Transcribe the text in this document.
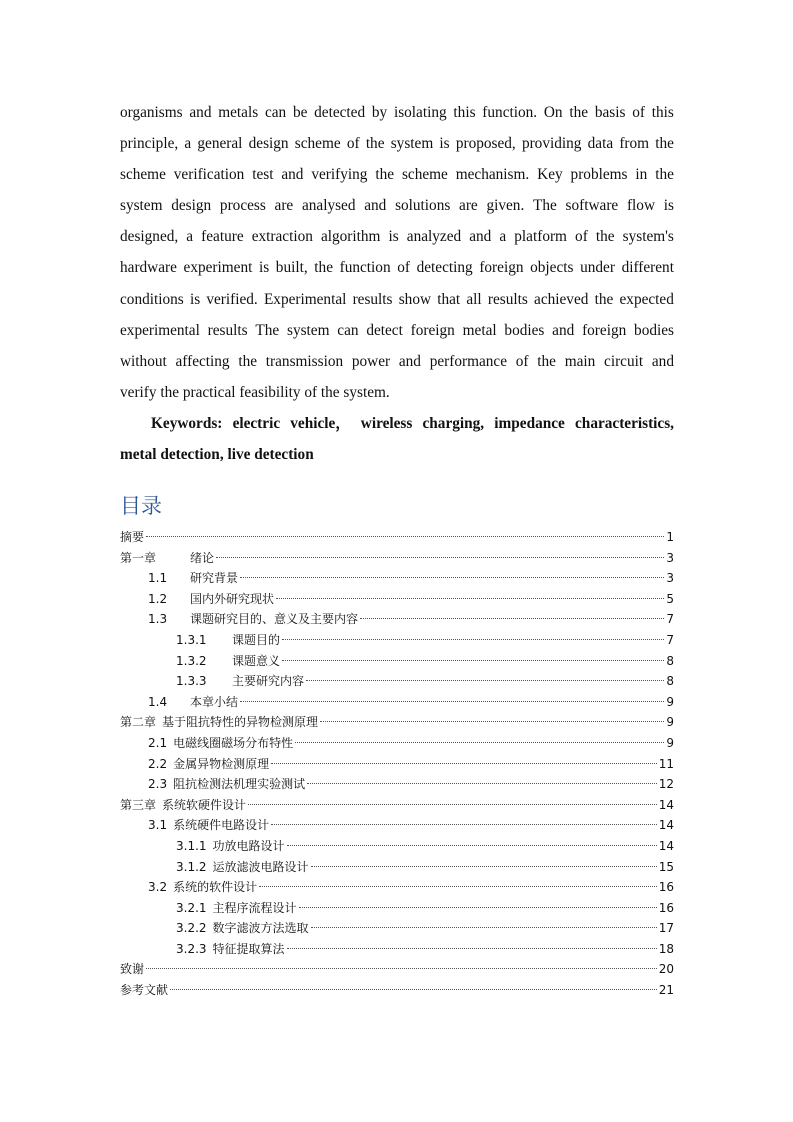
organisms and metals can be detected by isolating this function. On the basis of this
principle, a general design scheme of the system is proposed, providing data from the
scheme verification test and verifying the scheme mechanism. Key problems in the
system design process are analysed and solutions are given. The software flow is
designed, a feature extraction algorithm is analyzed and a platform of the system's
hardware experiment is built, the function of detecting foreign objects under different
conditions is verified. Experimental results show that all results achieved the expected
experimental results The system can detect foreign metal bodies and foreign bodies
without affecting the transmission power and performance of the main circuit and
verify the practical feasibility of the system.
Keywords: electric vehicle， wireless charging, impedance characteristics,
metal detection, live detection
目录
摘要	1
第一章	绪论	3
1.1	研究背景	3
1.2	国内外研究现状	5
1.3	课题研究目的、意义及主要内容	7
1.3.1	课题目的	7
1.3.2	课题意义	8
1.3.3	主要研究内容	8
1.4	本章小结	9
第二章 基于阻抗特性的异物检测原理	9
2.1 电磁线圈磁场分布特性	9
2.2 金属异物检测原理	11
2.3 阻抗检测法机理实验测试	12
第三章 系统软硬件设计	14
3.1 系统硬件电路设计	14
3.1.1 功放电路设计	14
3.1.2 运放滤波电路设计	15
3.2 系统的软件设计	16
3.2.1 主程序流程设计	16
3.2.2 数字滤波方法选取	17
3.2.3 特征提取算法	18
致谢	20
参考文献	21
